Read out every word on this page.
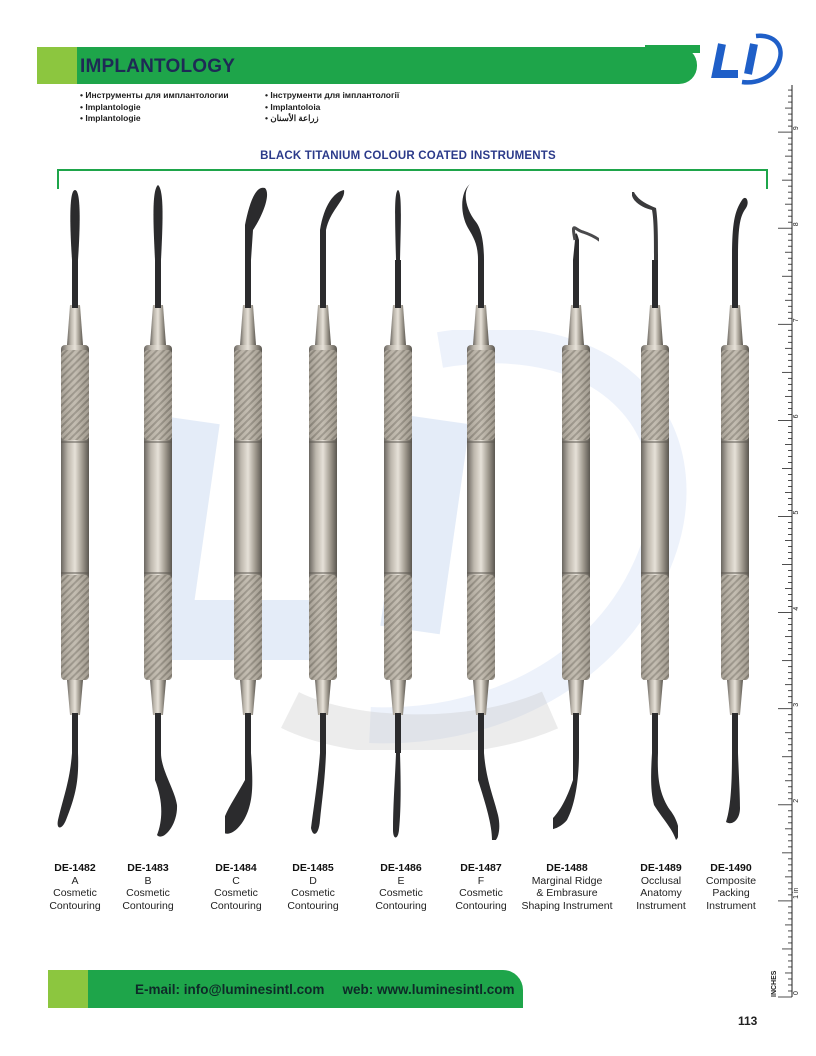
IMPLANTOLOGY
• Инструменты для имплантологии
• Implantologie
• Implantologie
• Інструменти для імплантології
• Implantoloia
• زراعة الأسنان
BLACK TITANIUM COLOUR COATED INSTRUMENTS
DE-1482
A
Cosmetic
Contouring
DE-1483
B
Cosmetic
Contouring
DE-1484
C
Cosmetic
Contouring
DE-1485
D
Cosmetic
Contouring
DE-1486
E
Cosmetic
Contouring
DE-1487
F
Cosmetic
Contouring
DE-1488
Marginal Ridge
& Embrasure
Shaping Instrument
DE-1489
Occlusal
Anatomy
Instrument
DE-1490
Composite
Packing
Instrument
0
1 in
2
3
4
5
6
7
8
9
INCHES
E-mail: info@luminesintl.com web: www.luminesintl.com
113
